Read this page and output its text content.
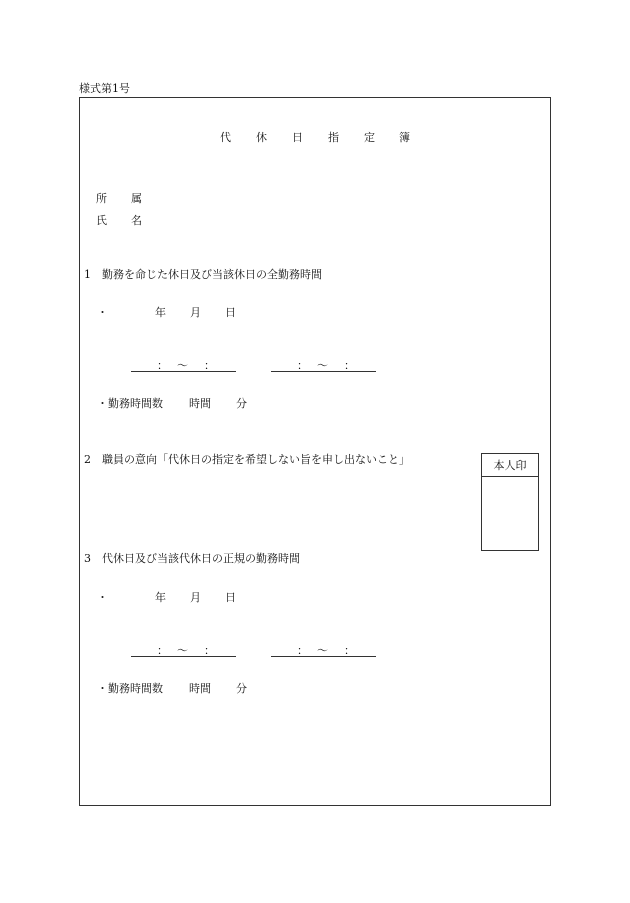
様式第1号
代 休 日 指 定 簿
所 属
氏 名
1　勤務を命じた休日及び当該休日の全勤務時間
・	年 月 日
： ～ ：	： ～ ：
・勤務時間数 時間 分
2　職員の意向「代休日の指定を希望しない旨を申し出ないこと」	本人印
3　代休日及び当該代休日の正規の勤務時間
・	年 月 日
： ～ ：	： ～ ：
・勤務時間数 時間 分
